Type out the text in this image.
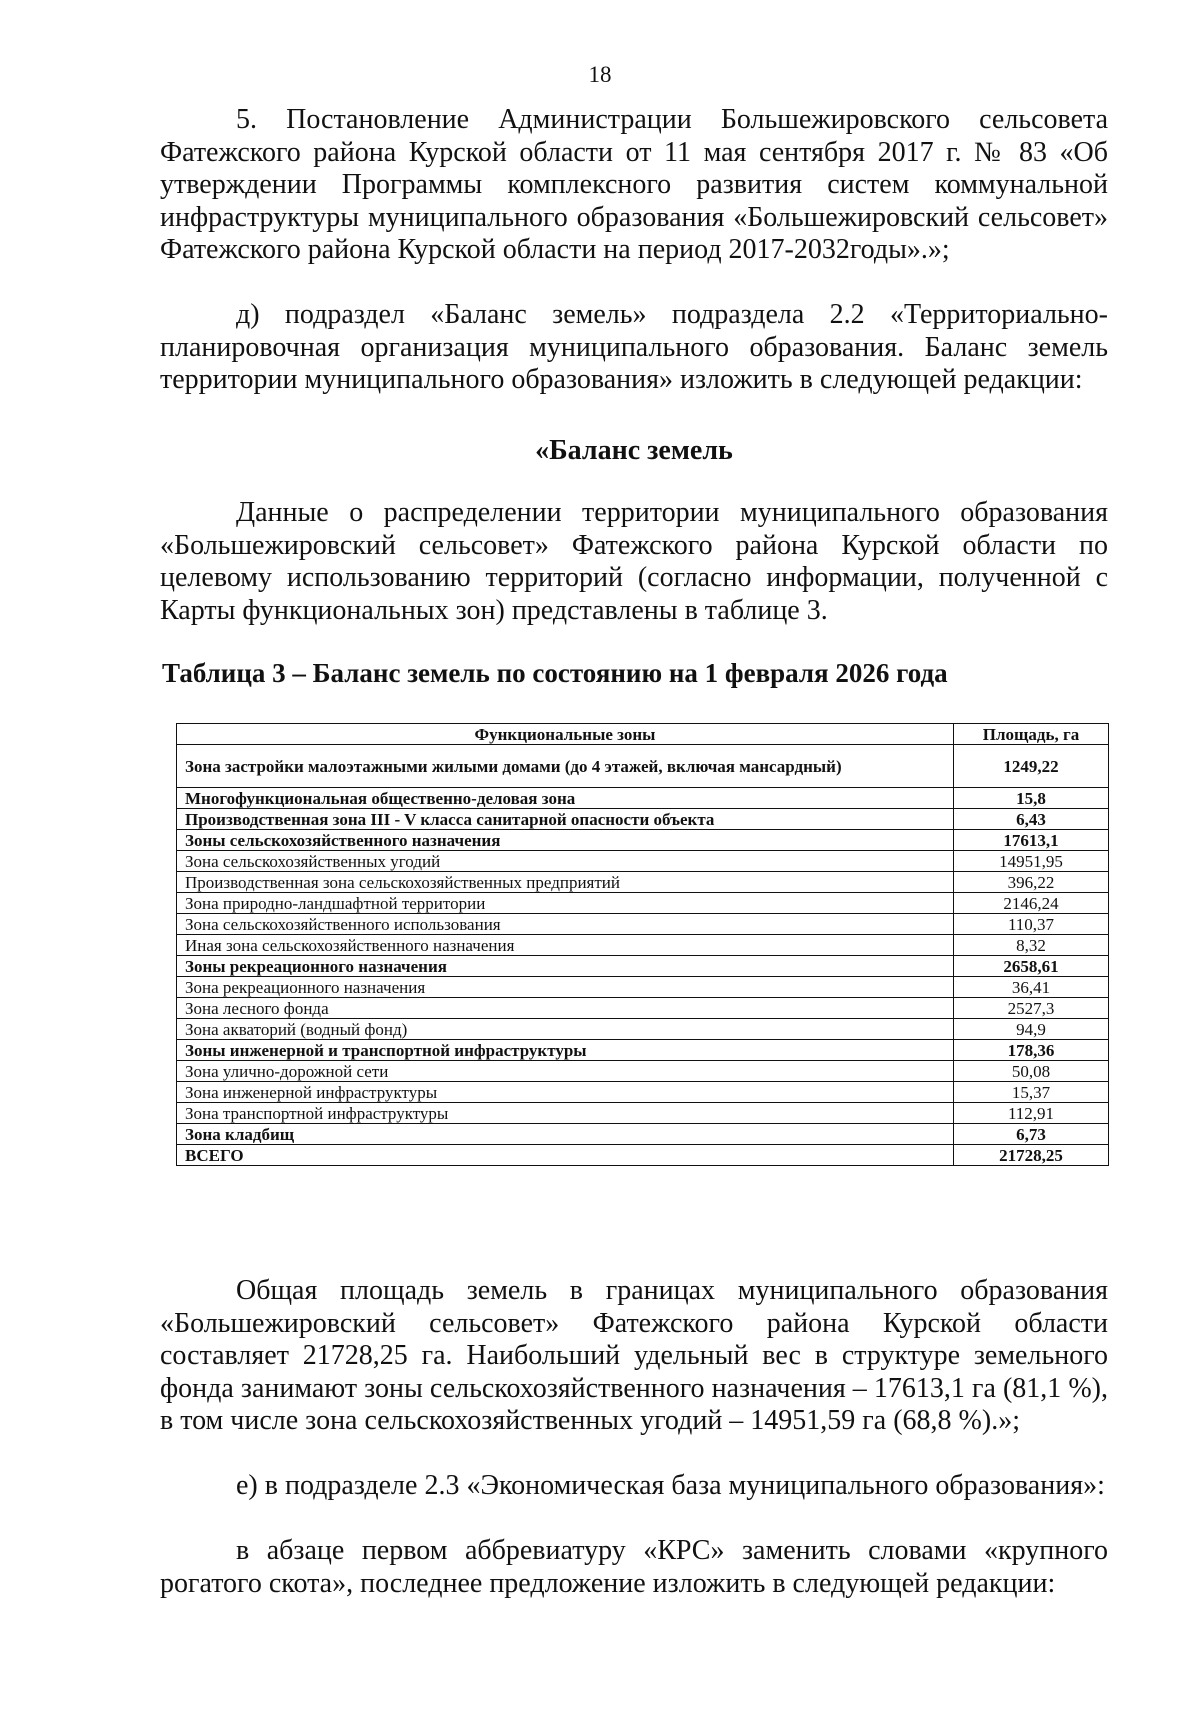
18

5. Постановление Администрации Большежировского сельсовета Фатежского района Курской области от 11 мая сентября 2017 г. № 83 «Об утверждении Программы комплексного развития систем коммунальной инфраструктуры муниципального образования «Большежировский сельсовет» Фатежского района Курской области на период 2017-2032годы».»;

д) подраздел «Баланс земель» подраздела 2.2 «Территориально-планировочная организация муниципального образования. Баланс земель территории муниципального образования» изложить в следующей редакции:

«Баланс земель

Данные о распределении территории муниципального образования «Большежировский сельсовет» Фатежского района Курской области по целевому использованию территорий (согласно информации, полученной с Карты функциональных зон) представлены в таблице 3.

Таблица 3 – Баланс земель по состоянию на 1 февраля 2026 года
Функциональные зоны	Площадь, га
Зона застройки малоэтажными жилыми домами (до 4 этажей, включая мансардный)	1249,22
Многофункциональная общественно-деловая зона	15,8
Производственная зона III - V класса санитарной опасности объекта	6,43
Зоны сельскохозяйственного назначения	17613,1
Зона сельскохозяйственных угодий	14951,95
Производственная зона сельскохозяйственных предприятий	396,22
Зона природно-ландшафтной территории	2146,24
Зона сельскохозяйственного использования	110,37
Иная зона сельскохозяйственного назначения	8,32
Зоны рекреационного назначения	2658,61
Зона рекреационного назначения	36,41
Зона лесного фонда	2527,3
Зона акваторий (водный фонд)	94,9
Зоны инженерной и транспортной инфраструктуры	178,36
Зона улично-дорожной сети	50,08
Зона инженерной инфраструктуры	15,37
Зона транспортной инфраструктуры	112,91
Зона кладбищ	6,73
ВСЕГО	21728,25

Общая площадь земель в границах муниципального образования «Большежировский сельсовет» Фатежского района Курской области составляет 21728,25 га. Наибольший удельный вес в структуре земельного фонда занимают зоны сельскохозяйственного назначения – 17613,1 га (81,1 %), в том числе зона сельскохозяйственных угодий – 14951,59 га (68,8 %).»;

е) в подразделе 2.3 «Экономическая база муниципального образования»:

в абзаце первом аббревиатуру «КРС» заменить словами «крупного рогатого скота», последнее предложение изложить в следующей редакции:
